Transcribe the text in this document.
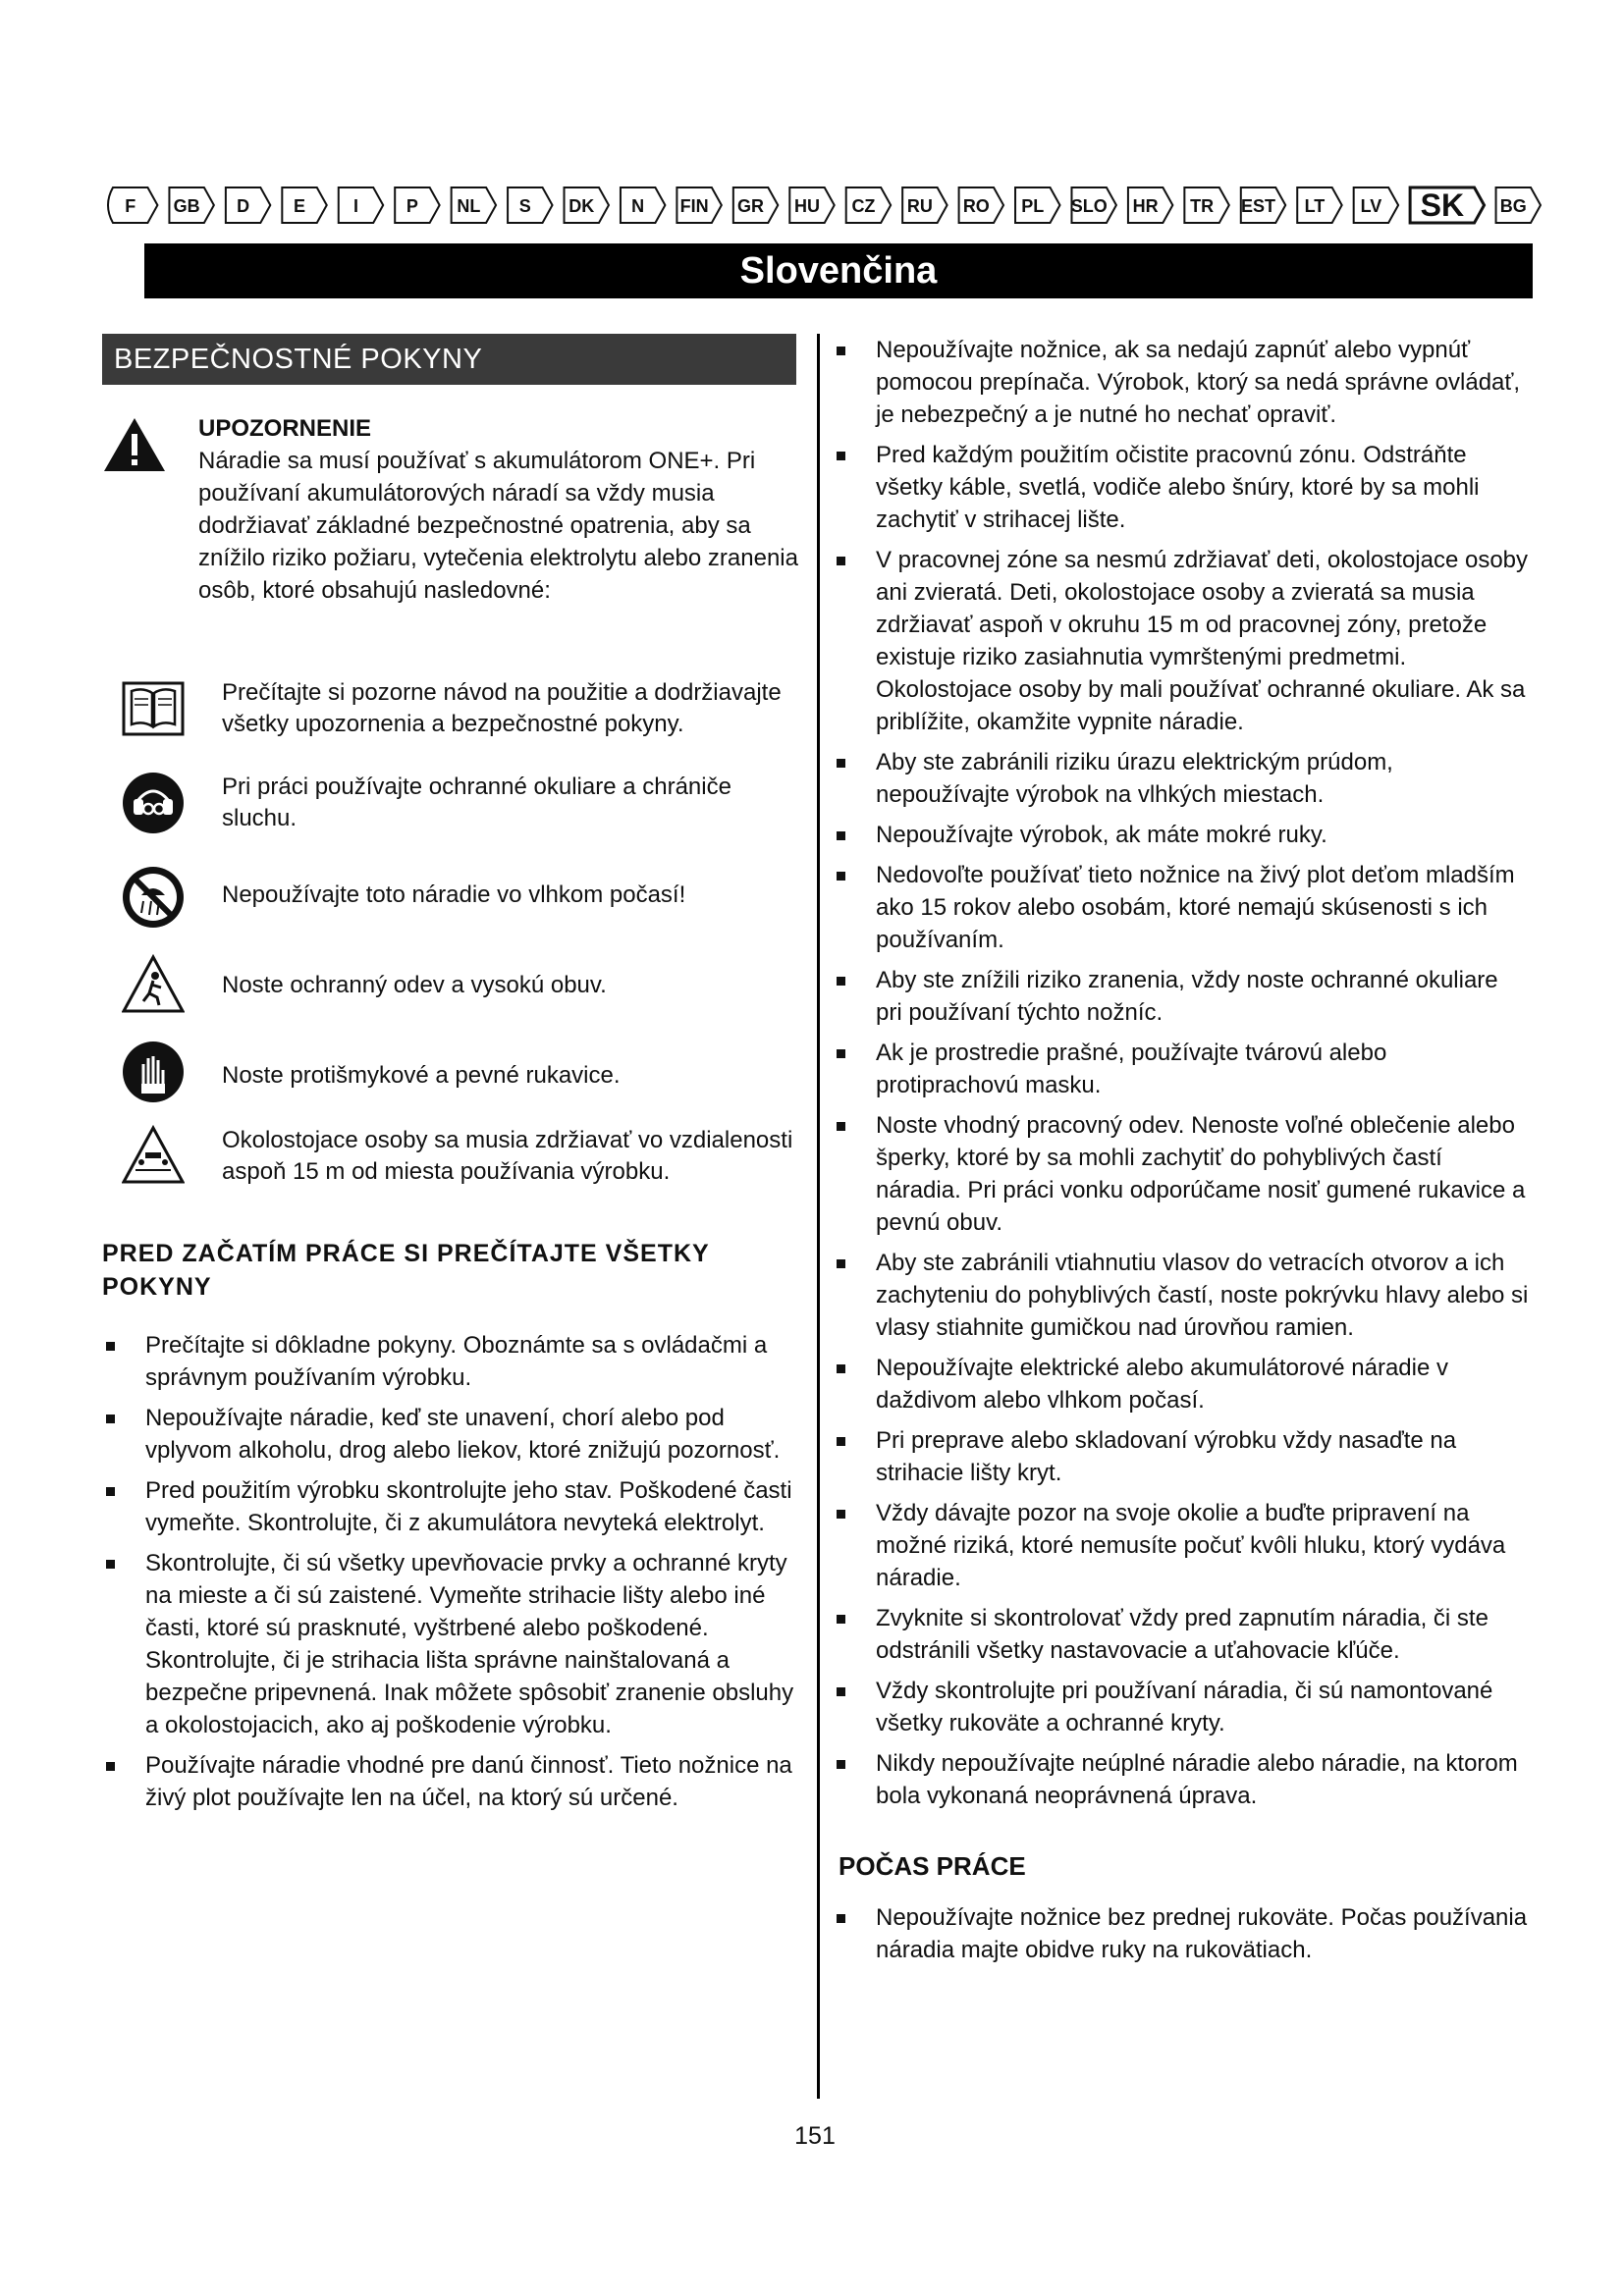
F GB D E	I	P NL S DK N FIN GR HU CZ RU RO PL SLO HR TR EST LT LV SK BG
Slovenčina
BEZPEČNOSTNÉ POKYNY
UPOZORNENIE
Náradie sa musí používať s akumulátorom ONE+. Pri používaní akumulátorových náradí sa vždy musia dodržiavať základné bezpečnostné opatrenia, aby sa znížilo riziko požiaru, vytečenia elektrolytu alebo zranenia osôb, ktoré obsahujú nasledovné:
Prečítajte si pozorne návod na použitie a dodržiavajte všetky upozornenia a bezpečnostné pokyny.
Pri práci používajte ochranné okuliare a chrániče sluchu.
Nepoužívajte toto náradie vo vlhkom počasí!
Noste ochranný odev a vysokú obuv.
Noste protišmykové a pevné rukavice.
Okolostojace osoby sa musia zdržiavať vo vzdialenosti aspoň 15 m od miesta používania výrobku.
PRED ZAČATÍM PRÁCE SI PREČÍTAJTE VŠETKY POKYNY
Prečítajte si dôkladne pokyny. Oboznámte sa s ovládačmi a správnym používaním výrobku.
Nepoužívajte náradie, keď ste unavení, chorí alebo pod vplyvom alkoholu, drog alebo liekov, ktoré znižujú pozornosť.
Pred použitím výrobku skontrolujte jeho stav. Poškodené časti vymeňte. Skontrolujte, či z akumulátora nevyteká elektrolyt.
Skontrolujte, či sú všetky upevňovacie prvky a ochranné kryty na mieste a či sú zaistené. Vymeňte strihacie lišty alebo iné časti, ktoré sú prasknuté, vyštrbené alebo poškodené. Skontrolujte, či je strihacia lišta správne nainštalovaná a bezpečne pripevnená. Inak môžete spôsobiť zranenie obsluhy a okolostojacich, ako aj poškodenie výrobku.
Používajte náradie vhodné pre danú činnosť. Tieto nožnice na živý plot používajte len na účel, na ktorý sú určené.
Nepoužívajte nožnice, ak sa nedajú zapnúť alebo vypnúť pomocou prepínača. Výrobok, ktorý sa nedá správne ovládať, je nebezpečný a je nutné ho nechať opraviť.
Pred každým použitím očistite pracovnú zónu. Odstráňte všetky káble, svetlá, vodiče alebo šnúry, ktoré by sa mohli zachytiť v strihacej lište.
V pracovnej zóne sa nesmú zdržiavať deti, okolostojace osoby ani zvieratá. Deti, okolostojace osoby a zvieratá sa musia zdržiavať aspoň v okruhu 15 m od pracovnej zóny, pretože existuje riziko zasiahnutia vymrštenými predmetmi. Okolostojace osoby by mali používať ochranné okuliare. Ak sa priblížite, okamžite vypnite náradie.
Aby ste zabránili riziku úrazu elektrickým prúdom, nepoužívajte výrobok na vlhkých miestach.
Nepoužívajte výrobok, ak máte mokré ruky.
Nedovoľte používať tieto nožnice na živý plot deťom mladším ako 15 rokov alebo osobám, ktoré nemajú skúsenosti s ich používaním.
Aby ste znížili riziko zranenia, vždy noste ochranné okuliare pri používaní týchto nožníc.
Ak je prostredie prašné, používajte tvárovú alebo protiprachovú masku.
Noste vhodný pracovný odev. Nenoste voľné oblečenie alebo šperky, ktoré by sa mohli zachytiť do pohyblivých častí náradia. Pri práci vonku odporúčame nosiť gumené rukavice a pevnú obuv.
Aby ste zabránili vtiahnutiu vlasov do vetracích otvorov a ich zachyteniu do pohyblivých častí, noste pokrývku hlavy alebo si vlasy stiahnite gumičkou nad úrovňou ramien.
Nepoužívajte elektrické alebo akumulátorové náradie v daždivom alebo vlhkom počasí.
Pri preprave alebo skladovaní výrobku vždy nasaďte na strihacie lišty kryt.
Vždy dávajte pozor na svoje okolie a buďte pripravení na možné riziká, ktoré nemusíte počuť kvôli hluku, ktorý vydáva náradie.
Zvyknite si skontrolovať vždy pred zapnutím náradia, či ste odstránili všetky nastavovacie a uťahovacie kľúče.
Vždy skontrolujte pri používaní náradia, či sú namontované všetky rukoväte a ochranné kryty.
Nikdy nepoužívajte neúplné náradie alebo náradie, na ktorom bola vykonaná neoprávnená úprava.
POČAS PRÁCE
Nepoužívajte nožnice bez prednej rukoväte. Počas používania náradia majte obidve ruky na rukovätiach.
151
